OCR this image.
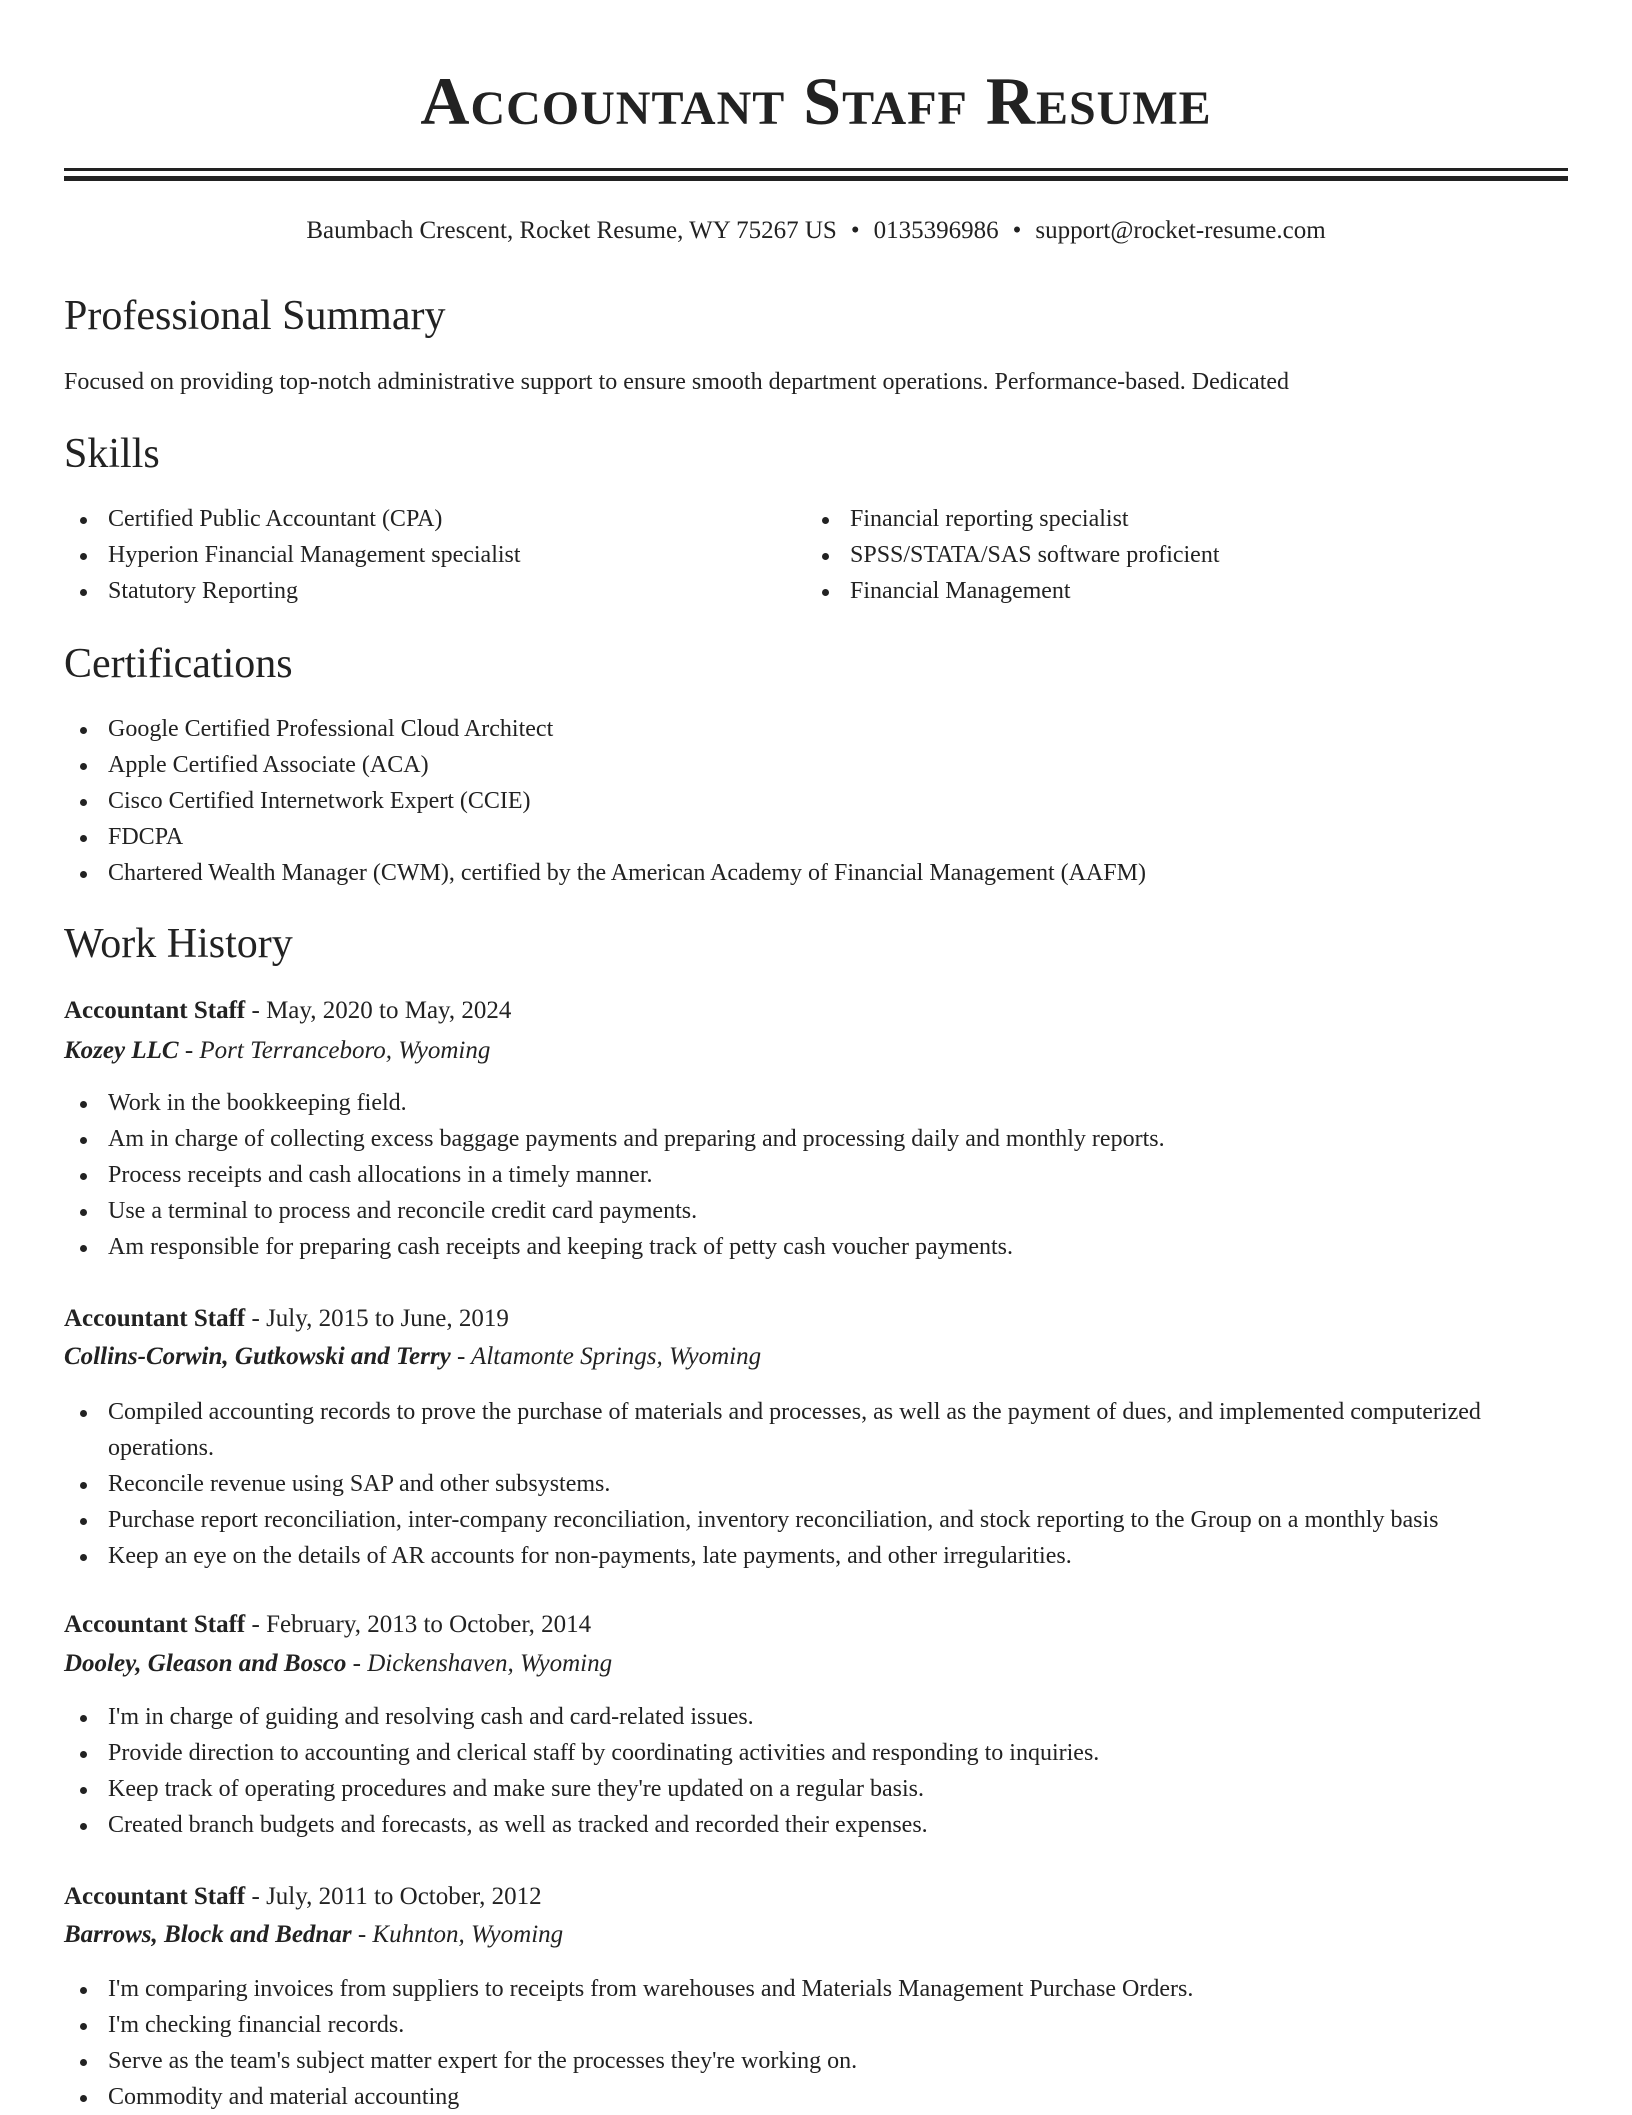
Accountant Staff Resume
Baumbach Crescent, Rocket Resume, WY 75267 US • 0135396986 • support@rocket-resume.com
Professional Summary
Focused on providing top-notch administrative support to ensure smooth department operations. Performance-based. Dedicated
Skills
Certified Public Accountant (CPA)
Hyperion Financial Management specialist
Statutory Reporting
Financial reporting specialist
SPSS/STATA/SAS software proficient
Financial Management
Certifications
Google Certified Professional Cloud Architect
Apple Certified Associate (ACA)
Cisco Certified Internetwork Expert (CCIE)
FDCPA
Chartered Wealth Manager (CWM), certified by the American Academy of Financial Management (AAFM)
Work History
Accountant Staff - May, 2020 to May, 2024
Kozey LLC - Port Terranceboro, Wyoming
Work in the bookkeeping field.
Am in charge of collecting excess baggage payments and preparing and processing daily and monthly reports.
Process receipts and cash allocations in a timely manner.
Use a terminal to process and reconcile credit card payments.
Am responsible for preparing cash receipts and keeping track of petty cash voucher payments.
Accountant Staff - July, 2015 to June, 2019
Collins-Corwin, Gutkowski and Terry - Altamonte Springs, Wyoming
Compiled accounting records to prove the purchase of materials and processes, as well as the payment of dues, and implemented computerized operations.
Reconcile revenue using SAP and other subsystems.
Purchase report reconciliation, inter-company reconciliation, inventory reconciliation, and stock reporting to the Group on a monthly basis
Keep an eye on the details of AR accounts for non-payments, late payments, and other irregularities.
Accountant Staff - February, 2013 to October, 2014
Dooley, Gleason and Bosco - Dickenshaven, Wyoming
I'm in charge of guiding and resolving cash and card-related issues.
Provide direction to accounting and clerical staff by coordinating activities and responding to inquiries.
Keep track of operating procedures and make sure they're updated on a regular basis.
Created branch budgets and forecasts, as well as tracked and recorded their expenses.
Accountant Staff - July, 2011 to October, 2012
Barrows, Block and Bednar - Kuhnton, Wyoming
I'm comparing invoices from suppliers to receipts from warehouses and Materials Management Purchase Orders.
I'm checking financial records.
Serve as the team's subject matter expert for the processes they're working on.
Commodity and material accounting
